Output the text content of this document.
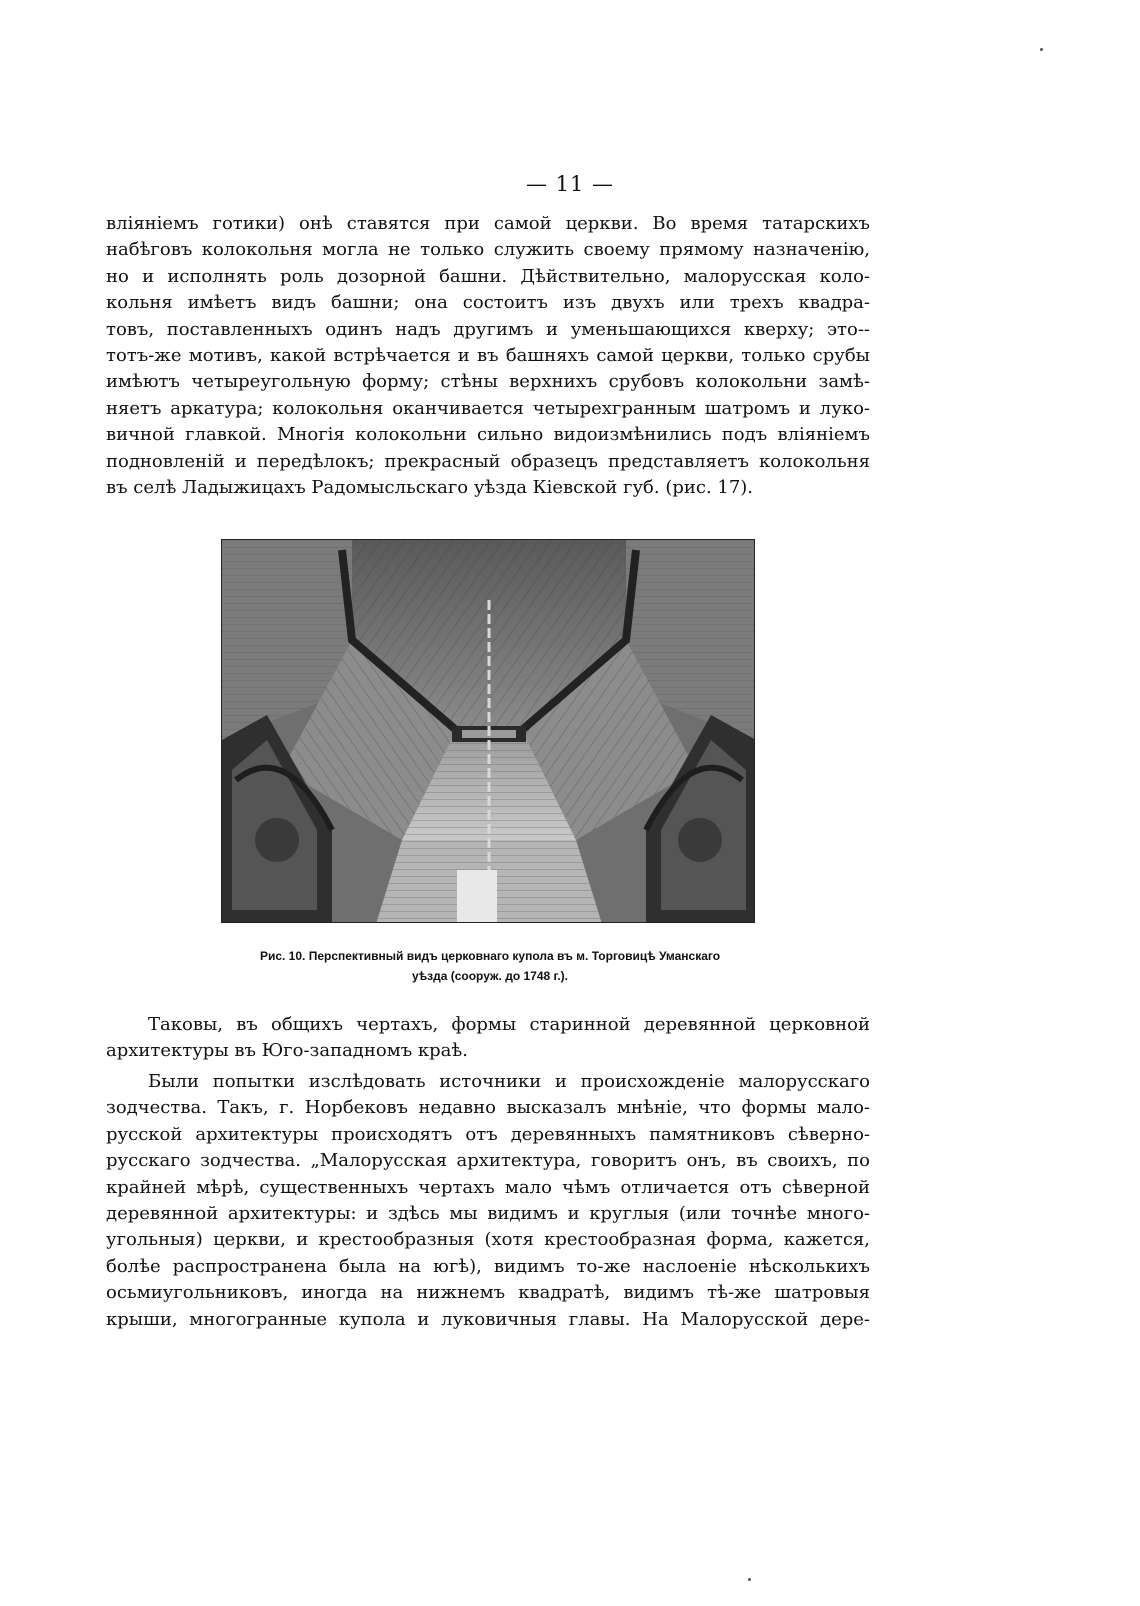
— 11 —
вліяніемъ готики) онѣ ставятся при самой церкви. Во время татарскихъ
набѣговъ колокольня могла не только служить своему прямому назначенію,
но и исполнять роль дозорной башни. Дѣйствительно, малорусская коло-
кольня имѣетъ видъ башни; она состоитъ изъ двухъ или трехъ квадра-
товъ, поставленныхъ одинъ надъ другимъ и уменьшающихся кверху; это--
тотъ-же мотивъ, какой встрѣчается и въ башняхъ самой церкви, только срубы
имѣютъ четыреугольную форму; стѣны верхнихъ срубовъ колокольни замѣ-
няетъ аркатура; колокольня оканчивается четырехгранным шатромъ и луко-
вичной главкой. Многія колокольни сильно видоизмѣнились подъ вліяніемъ
подновленій и передѣлокъ; прекрасный образецъ представляетъ колокольня
въ селѣ Ладыжицахъ Радомысльскаго уѣзда Кіевской губ. (рис. 17).
Рис. 10. Перспективный видъ церковнаго купола въ м. Торговицѣ Уманскаго
уѣзда (сооруж. до 1748 г.).
Таковы, въ общихъ чертахъ, формы старинной деревянной церковной
архитектуры въ Юго-западномъ краѣ.
Были попытки изслѣдовать источники и происхожденіе малорусскаго
зодчества. Такъ, г. Норбековъ недавно высказалъ мнѣніе, что формы мало-
русской архитектуры происходятъ отъ деревянныхъ памятниковъ сѣверно-
русскаго зодчества. „Малорусская архитектура, говоритъ онъ, въ своихъ, по
крайней мѣрѣ, существенныхъ чертахъ мало чѣмъ отличается отъ сѣверной
деревянной архитектуры: и здѣсь мы видимъ и круглыя (или точнѣе много-
угольныя) церкви, и крестообразныя (хотя крестообразная форма, кажется,
болѣе распространена была на югѣ), видимъ то-же наслоеніе нѣсколькихъ
осьмиугольниковъ, иногда на нижнемъ квадратѣ, видимъ тѣ-же шатровыя
крыши, многогранные купола и луковичныя главы. На Малорусской дере-
